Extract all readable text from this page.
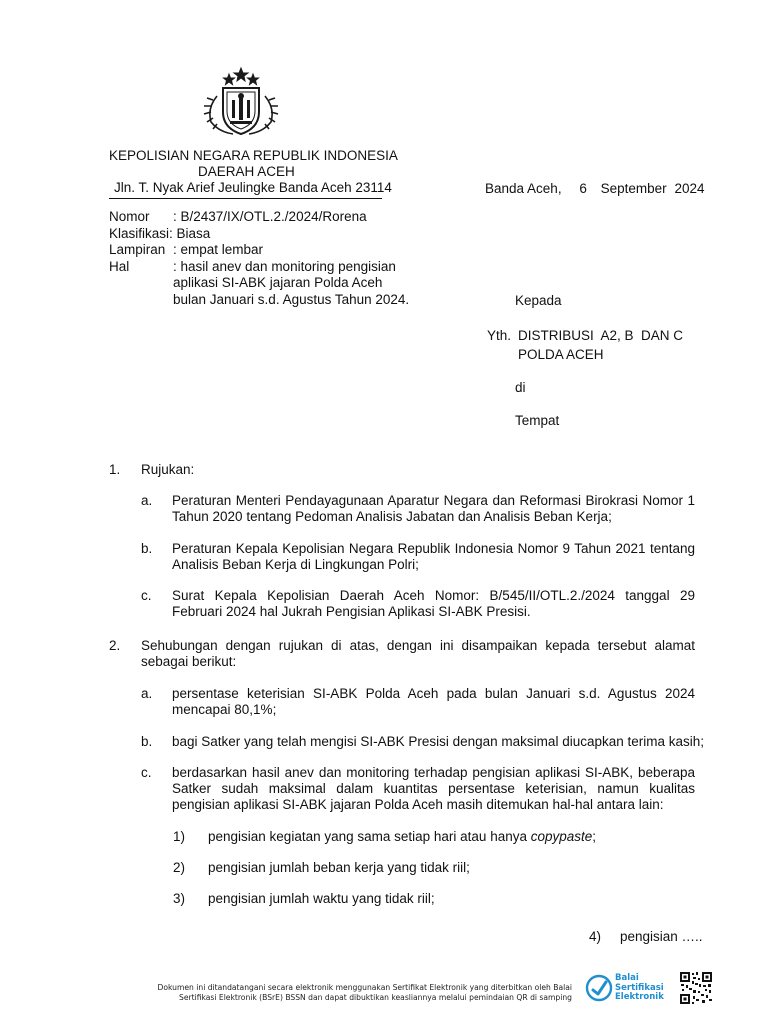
KEPOLISIAN NEGARA REPUBLIK INDONESIA
DAERAH ACEH
Jln. T. Nyak Arief Jeulingke Banda Aceh 23114	Banda Aceh, 6 September 2024
Nomor : B/2437/IX/OTL.2./2024/Rorena
Klasifikasi: Biasa
Lampiran : empat lembar
Hal	: hasil anev dan monitoring pengisian
aplikasi SI-ABK jajaran Polda Aceh
bulan Januari s.d. Agustus Tahun 2024.	Kepada
Yth. DISTRIBUSI  A2, B  DAN C
POLDA ACEH
di
Tempat
1. Rujukan:
a. Peraturan Menteri Pendayagunaan Aparatur Negara dan Reformasi Birokrasi Nomor 1 Tahun 2020 tentang Pedoman Analisis Jabatan dan Analisis Beban Kerja;
b. Peraturan Kepala Kepolisian Negara Republik Indonesia Nomor 9 Tahun 2021 tentang Analisis Beban Kerja di Lingkungan Polri;
c. Surat Kepala Kepolisian Daerah Aceh Nomor: B/545/II/OTL.2./2024 tanggal 29 Februari 2024 hal Jukrah Pengisian Aplikasi SI-ABK Presisi.
2. Sehubungan dengan rujukan di atas, dengan ini disampaikan kepada tersebut alamat sebagai berikut:
a. persentase keterisian SI-ABK Polda Aceh pada bulan Januari s.d. Agustus 2024 mencapai 80,1%;
b. bagi Satker yang telah mengisi SI-ABK Presisi dengan maksimal diucapkan terima kasih;
c. berdasarkan hasil anev dan monitoring terhadap pengisian aplikasi SI-ABK, beberapa Satker sudah maksimal dalam kuantitas persentase keterisian, namun kualitas pengisian aplikasi SI-ABK jajaran Polda Aceh masih ditemukan hal-hal antara lain:
1) pengisian kegiatan yang sama setiap hari atau hanya copypaste;
2) pengisian jumlah beban kerja yang tidak riil;
3) pengisian jumlah waktu yang tidak riil;
4) pengisian …..
Dokumen ini ditandatangani secara elektronik menggunakan Sertifikat Elektronik yang diterbitkan oleh Balai
Sertifikasi Elektronik (BSrE) BSSN dan dapat dibuktikan keasliannya melalui pemindaian QR di samping
Balai
Sertifikasi
Elektronik
